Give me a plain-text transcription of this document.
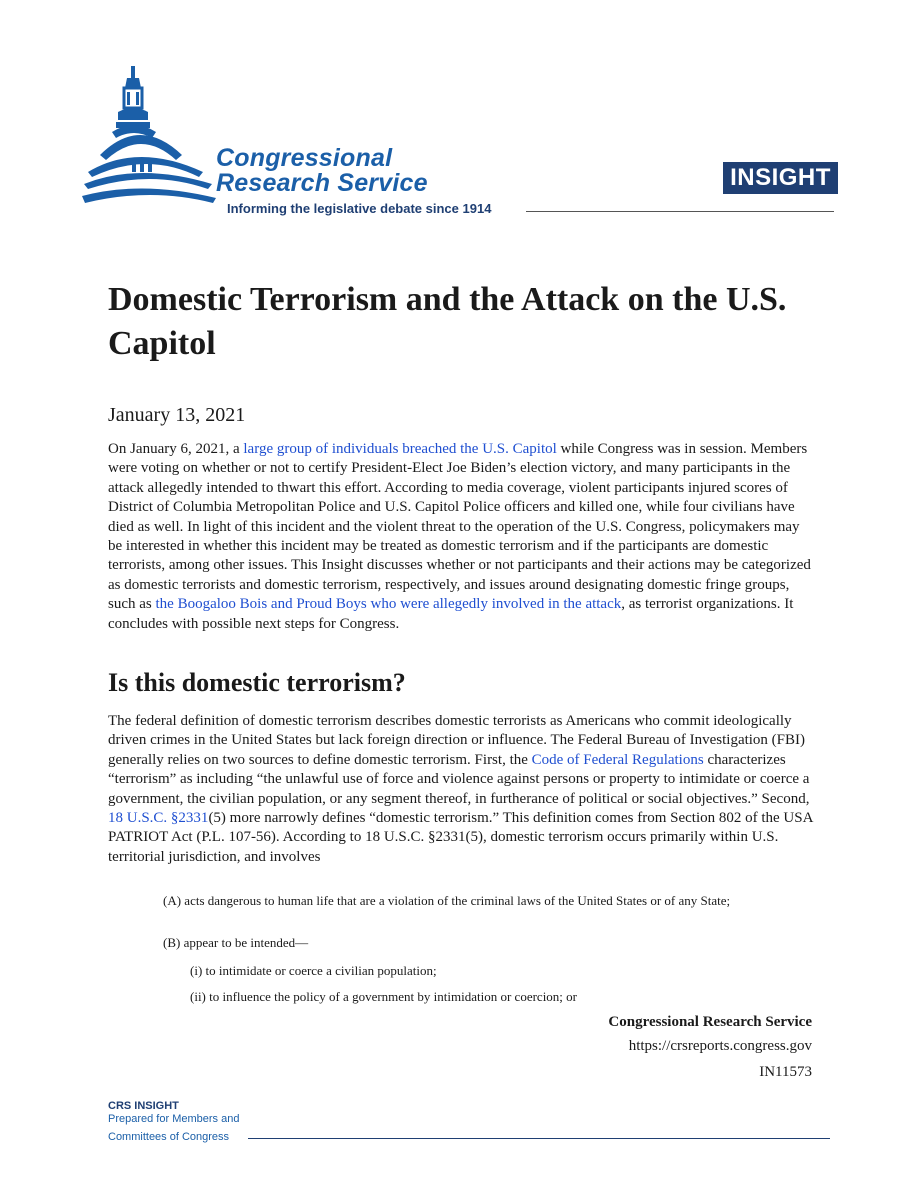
Congressional
Research Service
Informing the legislative debate since 1914
INSIGHT
Domestic Terrorism and the Attack on the U.S. Capitol
January 13, 2021

On January 6, 2021, a large group of individuals breached the U.S. Capitol while Congress was in session. Members were voting on whether or not to certify President-Elect Joe Biden’s election victory, and many participants in the attack allegedly intended to thwart this effort. According to media coverage, violent participants injured scores of District of Columbia Metropolitan Police and U.S. Capitol Police officers and killed one, while four civilians have died as well. In light of this incident and the violent threat to the operation of the U.S. Congress, policymakers may be interested in whether this incident may be treated as domestic terrorism and if the participants are domestic terrorists, among other issues. This Insight discusses whether or not participants and their actions may be categorized as domestic terrorists and domestic terrorism, respectively, and issues around designating domestic fringe groups, such as the Boogaloo Bois and Proud Boys who were allegedly involved in the attack, as terrorist organizations. It concludes with possible next steps for Congress.

Is this domestic terrorism?

The federal definition of domestic terrorism describes domestic terrorists as Americans who commit ideologically driven crimes in the United States but lack foreign direction or influence. The Federal Bureau of Investigation (FBI) generally relies on two sources to define domestic terrorism. First, the Code of Federal Regulations characterizes “terrorism” as including “the unlawful use of force and violence against persons or property to intimidate or coerce a government, the civilian population, or any segment thereof, in furtherance of political or social objectives.” Second, 18 U.S.C. §2331(5) more narrowly defines “domestic terrorism.” This definition comes from Section 802 of the USA PATRIOT Act (P.L. 107-56). According to 18 U.S.C. §2331(5), domestic terrorism occurs primarily within U.S. territorial jurisdiction, and involves

(A) acts dangerous to human life that are a violation of the criminal laws of the United States or of any State;
(B) appear to be intended—
(i) to intimidate or coerce a civilian population;
(ii) to influence the policy of a government by intimidation or coercion; or
Congressional Research Service
https://crsreports.congress.gov
IN11573
CRS INSIGHT
Prepared for Members and
Committees of Congress
